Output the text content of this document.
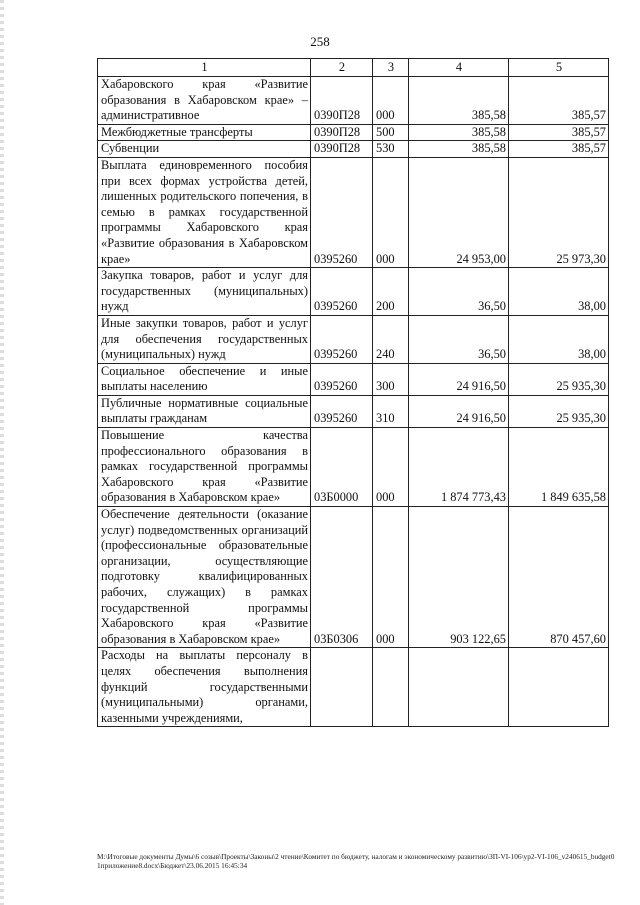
258
1	2	3	4	5
Хабаровского края «Развитие образования в Хабаровском крае» – административное	0390П28	000	385,58	385,57
Межбюджетные трансферты	0390П28	500	385,58	385,57
Субвенции	0390П28	530	385,58	385,57
Выплата единовременного пособия при всех формах устройства детей, лишенных родительского попечения, в семью в рамках государственной программы Хабаровского края «Развитие образования в Хабаровском крае»	0395260	000	24 953,00	25 973,30
Закупка товаров, работ и услуг для государственных (муниципальных) нужд	0395260	200	36,50	38,00
Иные закупки товаров, работ и услуг для обеспечения государственных (муниципальных) нужд	0395260	240	36,50	38,00
Социальное обеспечение и иные выплаты населению	0395260	300	24 916,50	25 935,30
Публичные нормативные социальные выплаты гражданам	0395260	310	24 916,50	25 935,30
Повышение качества профессионального образования в рамках государственной программы Хабаровского края «Развитие образования в Хабаровском крае»	03Б0000	000	1 874 773,43	1 849 635,58
Обеспечение деятельности (оказание услуг) подведомственных организаций (профессиональные образовательные организации, осуществляющие подготовку квалифицированных рабочих, служащих) в рамках государственной программы Хабаровского края «Развитие образования в Хабаровском крае»	03Б0306	000	903 122,65	870 457,60
Расходы на выплаты персоналу в целях обеспечения выполнения функций государственными (муниципальными) органами, казенными учреждениями,				
М:\Итоговые документы Думы\6 созыв\Проекты\Законы\2 чтение\Комитет по бюджету, налогам и экономическому развитию\ЗП-VI-106\ур2-VI-106_v240615_budget01приложение8.docx\Бюджет\23.06.2015 16:45:34
